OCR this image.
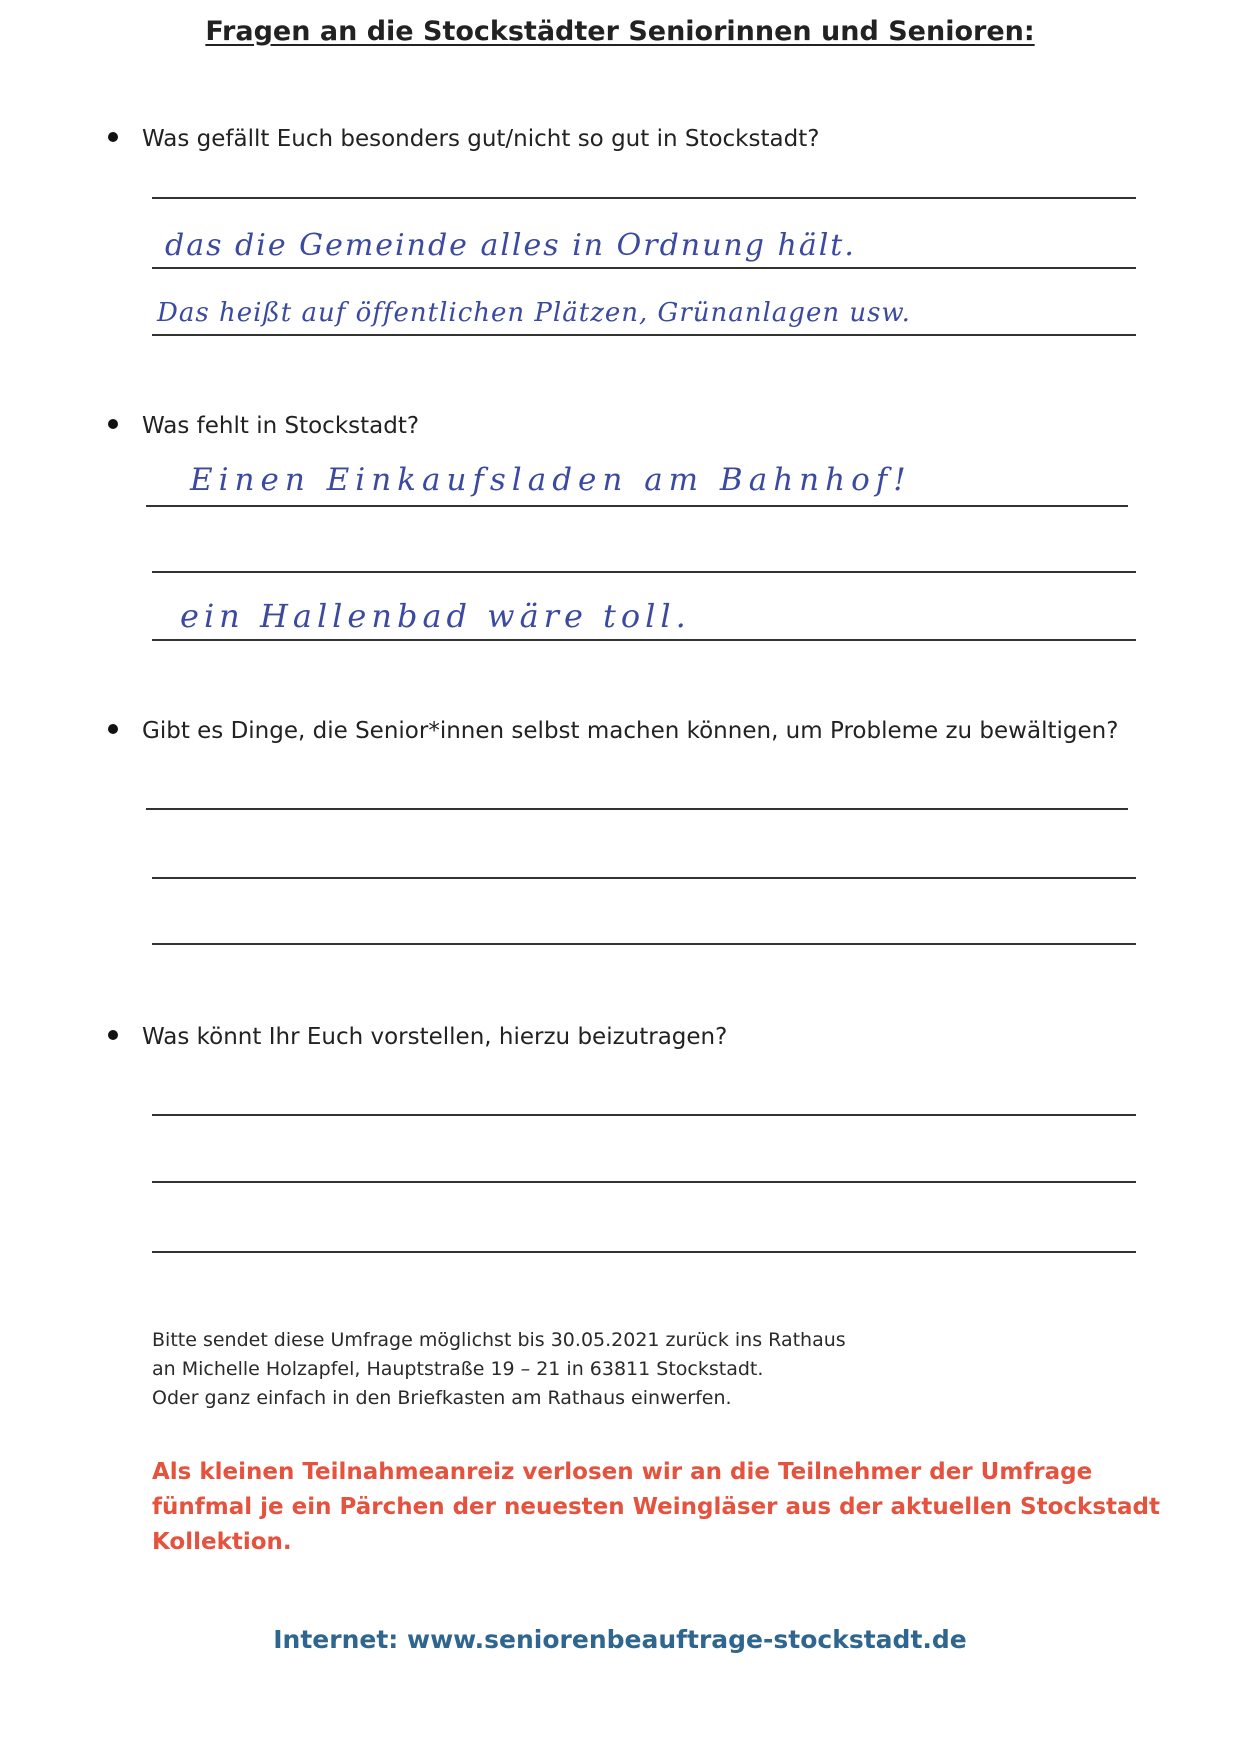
Fragen an die Stockstädter Seniorinnen und Senioren:
Was gefällt Euch besonders gut/nicht so gut in Stockstadt?
das die Gemeinde alles in Ordnung hält.
Das heißt auf öffentlichen Plätzen, Grünanlagen usw.
Was fehlt in Stockstadt?
Einen Einkaufsladen am Bahnhof!
ein Hallenbad wäre toll.
Gibt es Dinge, die Senior*innen selbst machen können, um Probleme zu bewältigen?
Was könnt Ihr Euch vorstellen, hierzu beizutragen?
Bitte sendet diese Umfrage möglichst bis 30.05.2021 zurück ins Rathaus
an Michelle Holzapfel, Hauptstraße 19 – 21 in 63811 Stockstadt.
Oder ganz einfach in den Briefkasten am Rathaus einwerfen.
Als kleinen Teilnahmeanreiz verlosen wir an die Teilnehmer der Umfrage fünfmal je ein Pärchen der neuesten Weingläser aus der aktuellen Stockstadt Kollektion.
Internet: www.seniorenbeauftrage-stockstadt.de
